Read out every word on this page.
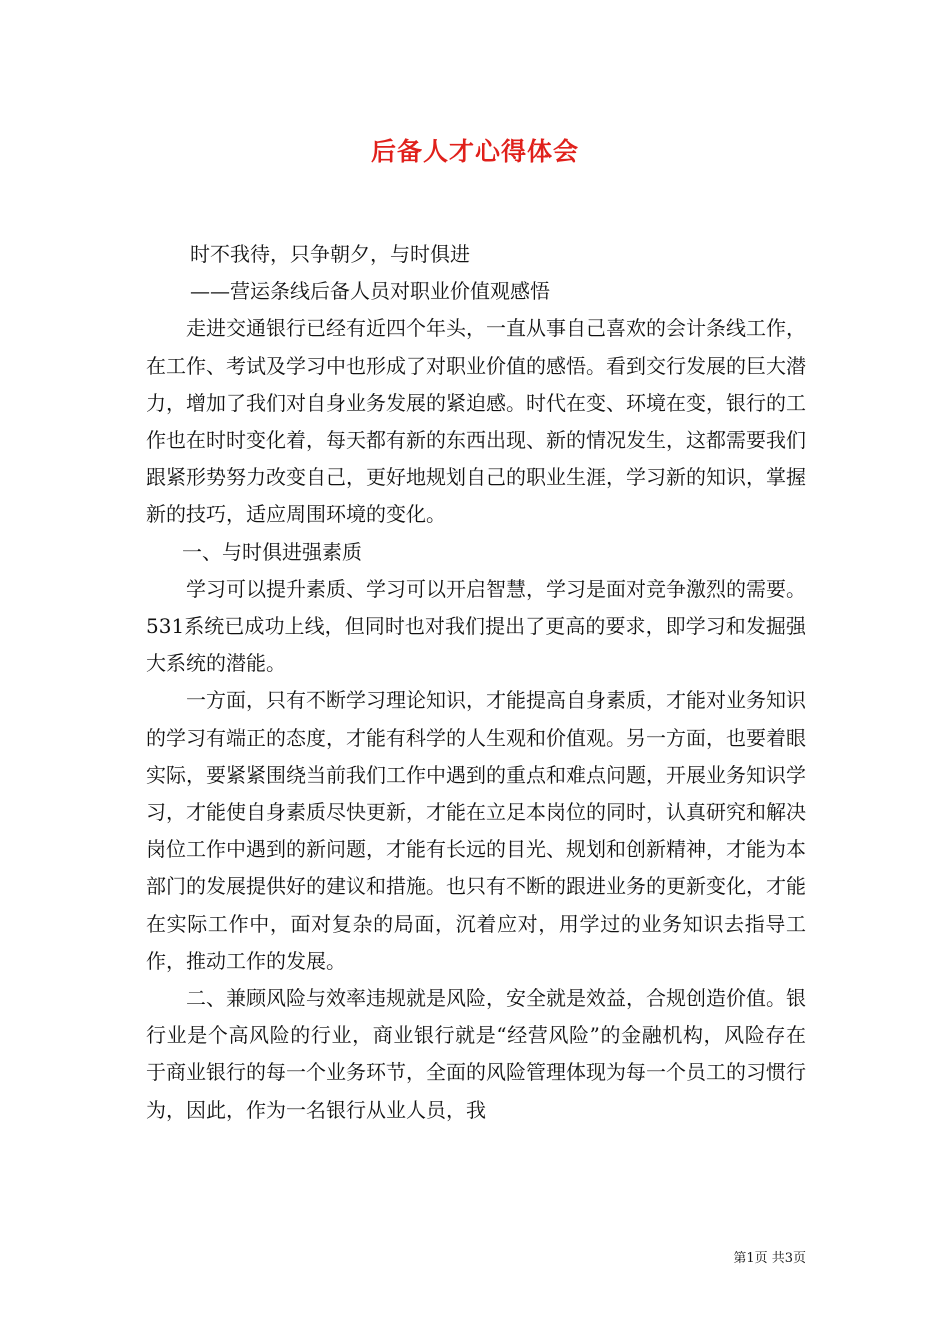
后备人才心得体会

时不我待，只争朝夕，与时俱进

——营运条线后备人员对职业价值观感悟

走进交通银行已经有近四个年头，一直从事自己喜欢的会计条线工作，在工作、考试及学习中也形成了对职业价值的感悟。看到交行发展的巨大潜力，增加了我们对自身业务发展的紧迫感。时代在变、环境在变，银行的工作也在时时变化着，每天都有新的东西出现、新的情况发生，这都需要我们跟紧形势努力改变自己，更好地规划自己的职业生涯，学习新的知识，掌握新的技巧，适应周围环境的变化。

一、与时俱进强素质

学习可以提升素质、学习可以开启智慧，学习是面对竞争激烈的需要。531系统已成功上线，但同时也对我们提出了更高的要求，即学习和发掘强大系统的潜能。

一方面，只有不断学习理论知识，才能提高自身素质，才能对业务知识的学习有端正的态度，才能有科学的人生观和价值观。另一方面，也要着眼实际，要紧紧围绕当前我们工作中遇到的重点和难点问题，开展业务知识学习，才能使自身素质尽快更新，才能在立足本岗位的同时，认真研究和解决岗位工作中遇到的新问题，才能有长远的目光、规划和创新精神，才能为本部门的发展提供好的建议和措施。也只有不断的跟进业务的更新变化，才能在实际工作中，面对复杂的局面，沉着应对，用学过的业务知识去指导工作，推动工作的发展。

二、兼顾风险与效率违规就是风险，安全就是效益，合规创造价值。银行业是个高风险的行业，商业银行就是“经营风险”的金融机构，风险存在于商业银行的每一个业务环节，全面的风险管理体现为每一个员工的习惯行为，因此，作为一名银行从业人员，我

第1页 共3页
